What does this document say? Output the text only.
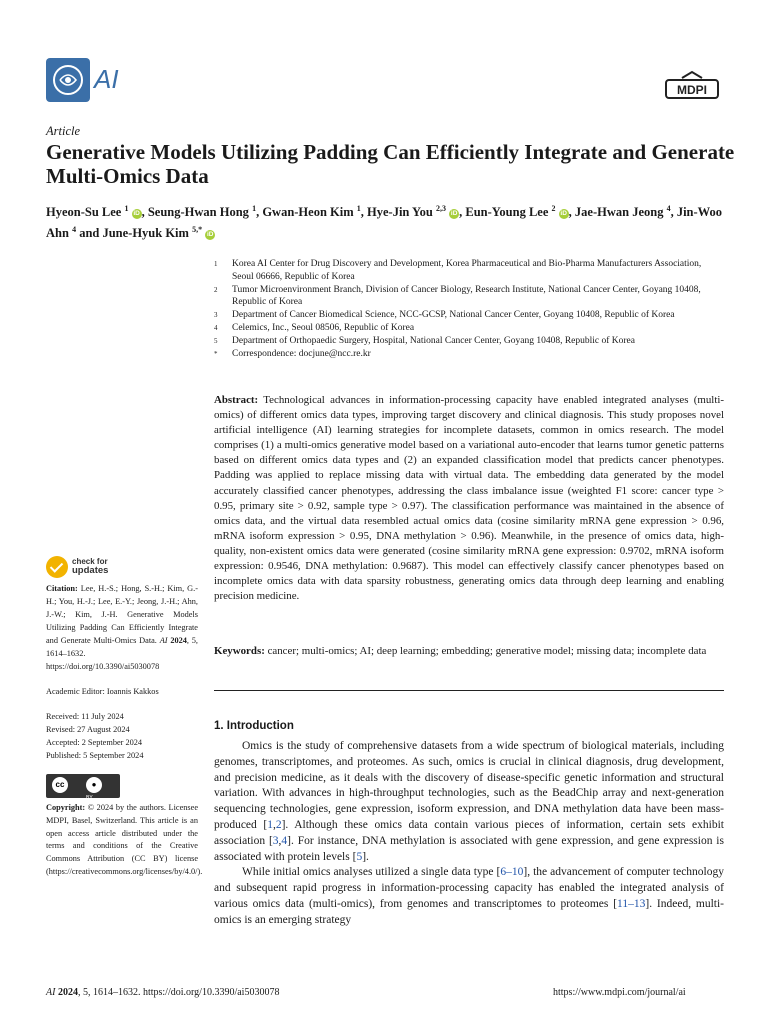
AI	MDPI
Article
Generative Models Utilizing Padding Can Efficiently Integrate and Generate Multi-Omics Data
Hyeon-Su Lee $^1$ iD , Seung-Hwan Hong $^1$, Gwan-Heon Kim $^1$, Hye-Jin You $^{2,3}$ iD , Eun-Young Lee $^2$ iD , Jae-Hwan Jeong $^4$, Jin-Woo Ahn $^4$ and June-Hyuk Kim $^{5,*}$ iD
1	Korea AI Center for Drug Discovery and Development, Korea Pharmaceutical and Bio-Pharma Manufacturers Association, Seoul 06666, Republic of Korea
2	Tumor Microenvironment Branch, Division of Cancer Biology, Research Institute, National Cancer Center, Goyang 10408, Republic of Korea
3	Department of Cancer Biomedical Science, NCC-GCSP, National Cancer Center, Goyang 10408, Republic of Korea
4	Celemics, Inc., Seoul 08506, Republic of Korea
5	Department of Orthopaedic Surgery, Hospital, National Cancer Center, Goyang 10408, Republic of Korea
*	Correspondence: docjune@ncc.re.kr
Abstract: Technological advances in information-processing capacity have enabled integrated analyses (multi-omics) of different omics data types, improving target discovery and clinical diagnosis. This study proposes novel artificial intelligence (AI) learning strategies for incomplete datasets, common in omics research. The model comprises (1) a multi-omics generative model based on a variational auto-encoder that learns tumor genetic patterns based on different omics data types and (2) an expanded classification model that predicts cancer phenotypes. Padding was applied to replace missing data with virtual data. The embedding data generated by the model accurately classified cancer phenotypes, addressing the class imbalance issue (weighted F1 score: cancer type > 0.95, primary site > 0.92, sample type > 0.97). The classification performance was maintained in the absence of omics data, and the virtual data resembled actual omics data (cosine similarity mRNA gene expression > 0.96, mRNA isoform expression > 0.95, DNA methylation > 0.96). Meanwhile, in the presence of omics data, high-quality, non-existent omics data were generated (cosine similarity mRNA gene expression: 0.9702, mRNA isoform expression: 0.9546, DNA methylation: 0.9687). This model can effectively classify cancer phenotypes based on incomplete omics data with data sparsity robustness, generating omics data through deep learning and enabling precision medicine.
Keywords: cancer; multi-omics; AI; deep learning; embedding; generative model; missing data; incomplete data
1. Introduction

Omics is the study of comprehensive datasets from a wide spectrum of biological materials, including genomes, transcriptomes, and proteomes. As such, omics is crucial in clinical diagnosis, drug development, and precision medicine, as it deals with the discovery of disease-specific genetic information and structural variation. With advances in high-throughput technologies, such as the BeadChip array and next-generation sequencing technologies, gene expression, isoform expression, and DNA methylation data have been mass-produced [1,2]. Although these omics data contain various pieces of information, certain sets exhibit association [3,4]. For instance, DNA methylation is associated with gene expression, and gene expression is associated with protein levels [5].

While initial omics analyses utilized a single data type [6–10], the advancement of computer technology and subsequent rapid progress in information-processing capacity has enabled the integrated analysis of various omics data (multi-omics), from genomes and transcriptomes to proteomes [11–13]. Indeed, multi-omics is an emerging strategy

check for
updates
Citation: Lee, H.-S.; Hong, S.-H.; Kim, G.-H.; You, H.-J.; Lee, E.-Y.; Jeong, J.-H.; Ahn, J.-W.; Kim, J.-H. Generative Models Utilizing Padding Can Efficiently Integrate and Generate Multi-Omics Data. AI 2024, 5, 1614–1632. https://doi.org/10.3390/ai5030078
Academic Editor: Ioannis Kakkos
Received: 11 July 2024
Revised: 27 August 2024
Accepted: 2 September 2024
Published: 5 September 2024
cc	●
BY
Copyright: © 2024 by the authors. Licensee MDPI, Basel, Switzerland. This article is an open access article distributed under the terms and conditions of the Creative Commons Attribution (CC BY) license (https://creativecommons.org/licenses/by/4.0/).
AI 2024, 5, 1614–1632. https://doi.org/10.3390/ai5030078	https://www.mdpi.com/journal/ai
